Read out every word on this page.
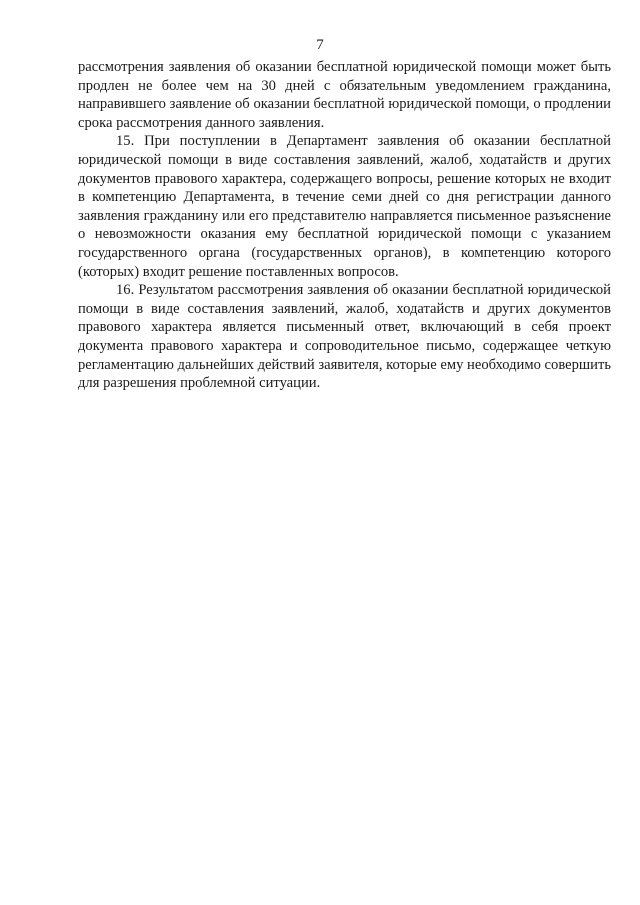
7

рассмотрения заявления об оказании бесплатной юридической помощи может быть продлен не более чем на 30 дней с обязательным уведомлением гражданина, направившего заявление об оказании бесплатной юридической помощи, о продлении срока рассмотрения данного заявления.

15. При поступлении в Департамент заявления об оказании бесплатной юридической помощи в виде составления заявлений, жалоб, ходатайств и других документов правового характера, содержащего вопросы, решение которых не входит в компетенцию Департамента, в течение семи дней со дня регистрации данного заявления гражданину или его представителю направляется письменное разъяснение о невозможности оказания ему бесплатной юридической помощи с указанием государственного органа (государственных органов), в компетенцию которого (которых) входит решение поставленных вопросов.

16. Результатом рассмотрения заявления об оказании бесплатной юридической помощи в виде составления заявлений, жалоб, ходатайств и других документов правового характера является письменный ответ, включающий в себя проект документа правового характера и сопроводительное письмо, содержащее четкую регламентацию дальнейших действий заявителя, которые ему необходимо совершить для разрешения проблемной ситуации.
